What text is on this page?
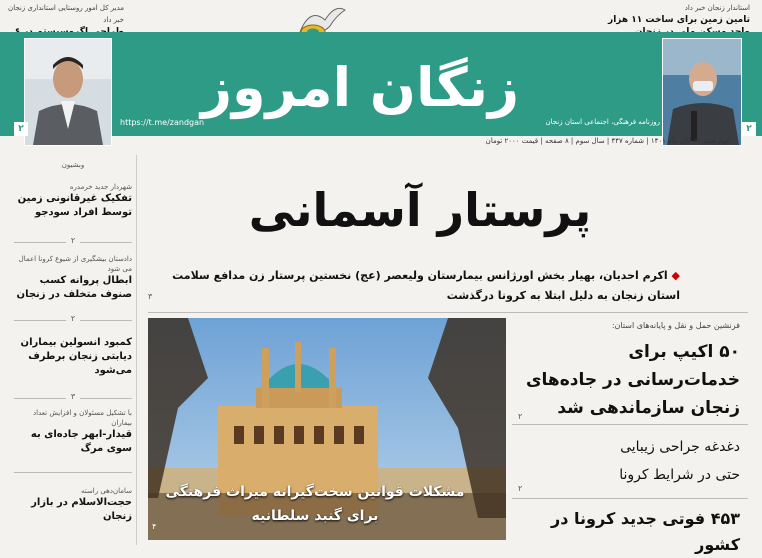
مدیر کل امور روستایی استانداری زنجان خبر داد
استاندار زنجان خبر داد
تامین زمین برای ساخت ۱۱ هزار
زنگان امروز
https://t.me/zandgan	روزنامه فرهنگی، اجتماعی استان زنجان
۲	۲
چهارشنبه ۲۱ آبان ماه ۱۴۰۱ | شماره ۴۴۷ | سال سوم | ۸ صفحه | قیمت ۲۰۰۰ تومان
وبشیون
شهردار جدید خرمدره
تفکیک غیرقانونی زمین توسط افراد سودجو
۲
دادستان بیشگیری از شیوع کرونا اعمال می شود
ابطال پروانه کسب صنوف متخلف در زنجان
۲
کمبود انسولین بیماران دیابتی زنجان برطرف می‌شود
۳
با تشکیل مسئولان و افزایش تعداد بیماران
قیدار-ابهر جاده‌ای به سوی مرگ
سامان‌دهی راسته
حجت‌الاسلام در بازار زنجان
پرستار آسمانی
◆ اکرم احدیان، بهیار بخش اورژانس بیمارستان ولیعصر (عج) نخستین پرستار زن مدافع سلامت استان زنجان به دلیل ابتلا به کرونا درگذشت
۳
مشکلات قوانین سخت‌گیرانه میراث فرهنگی
برای گنبد سلطانیه
۴
فرنشین حمل و نقل و پایانه‌های استان:
۵۰ اکیپ برای خدمات‌رسانی در جاده‌های زنجان سازماندهی شد
۲
دغدغه جراحی زیبایی
حتی در شرایط کرونا
۲
۴۵۳ فوتی جدید کرونا در کشور
